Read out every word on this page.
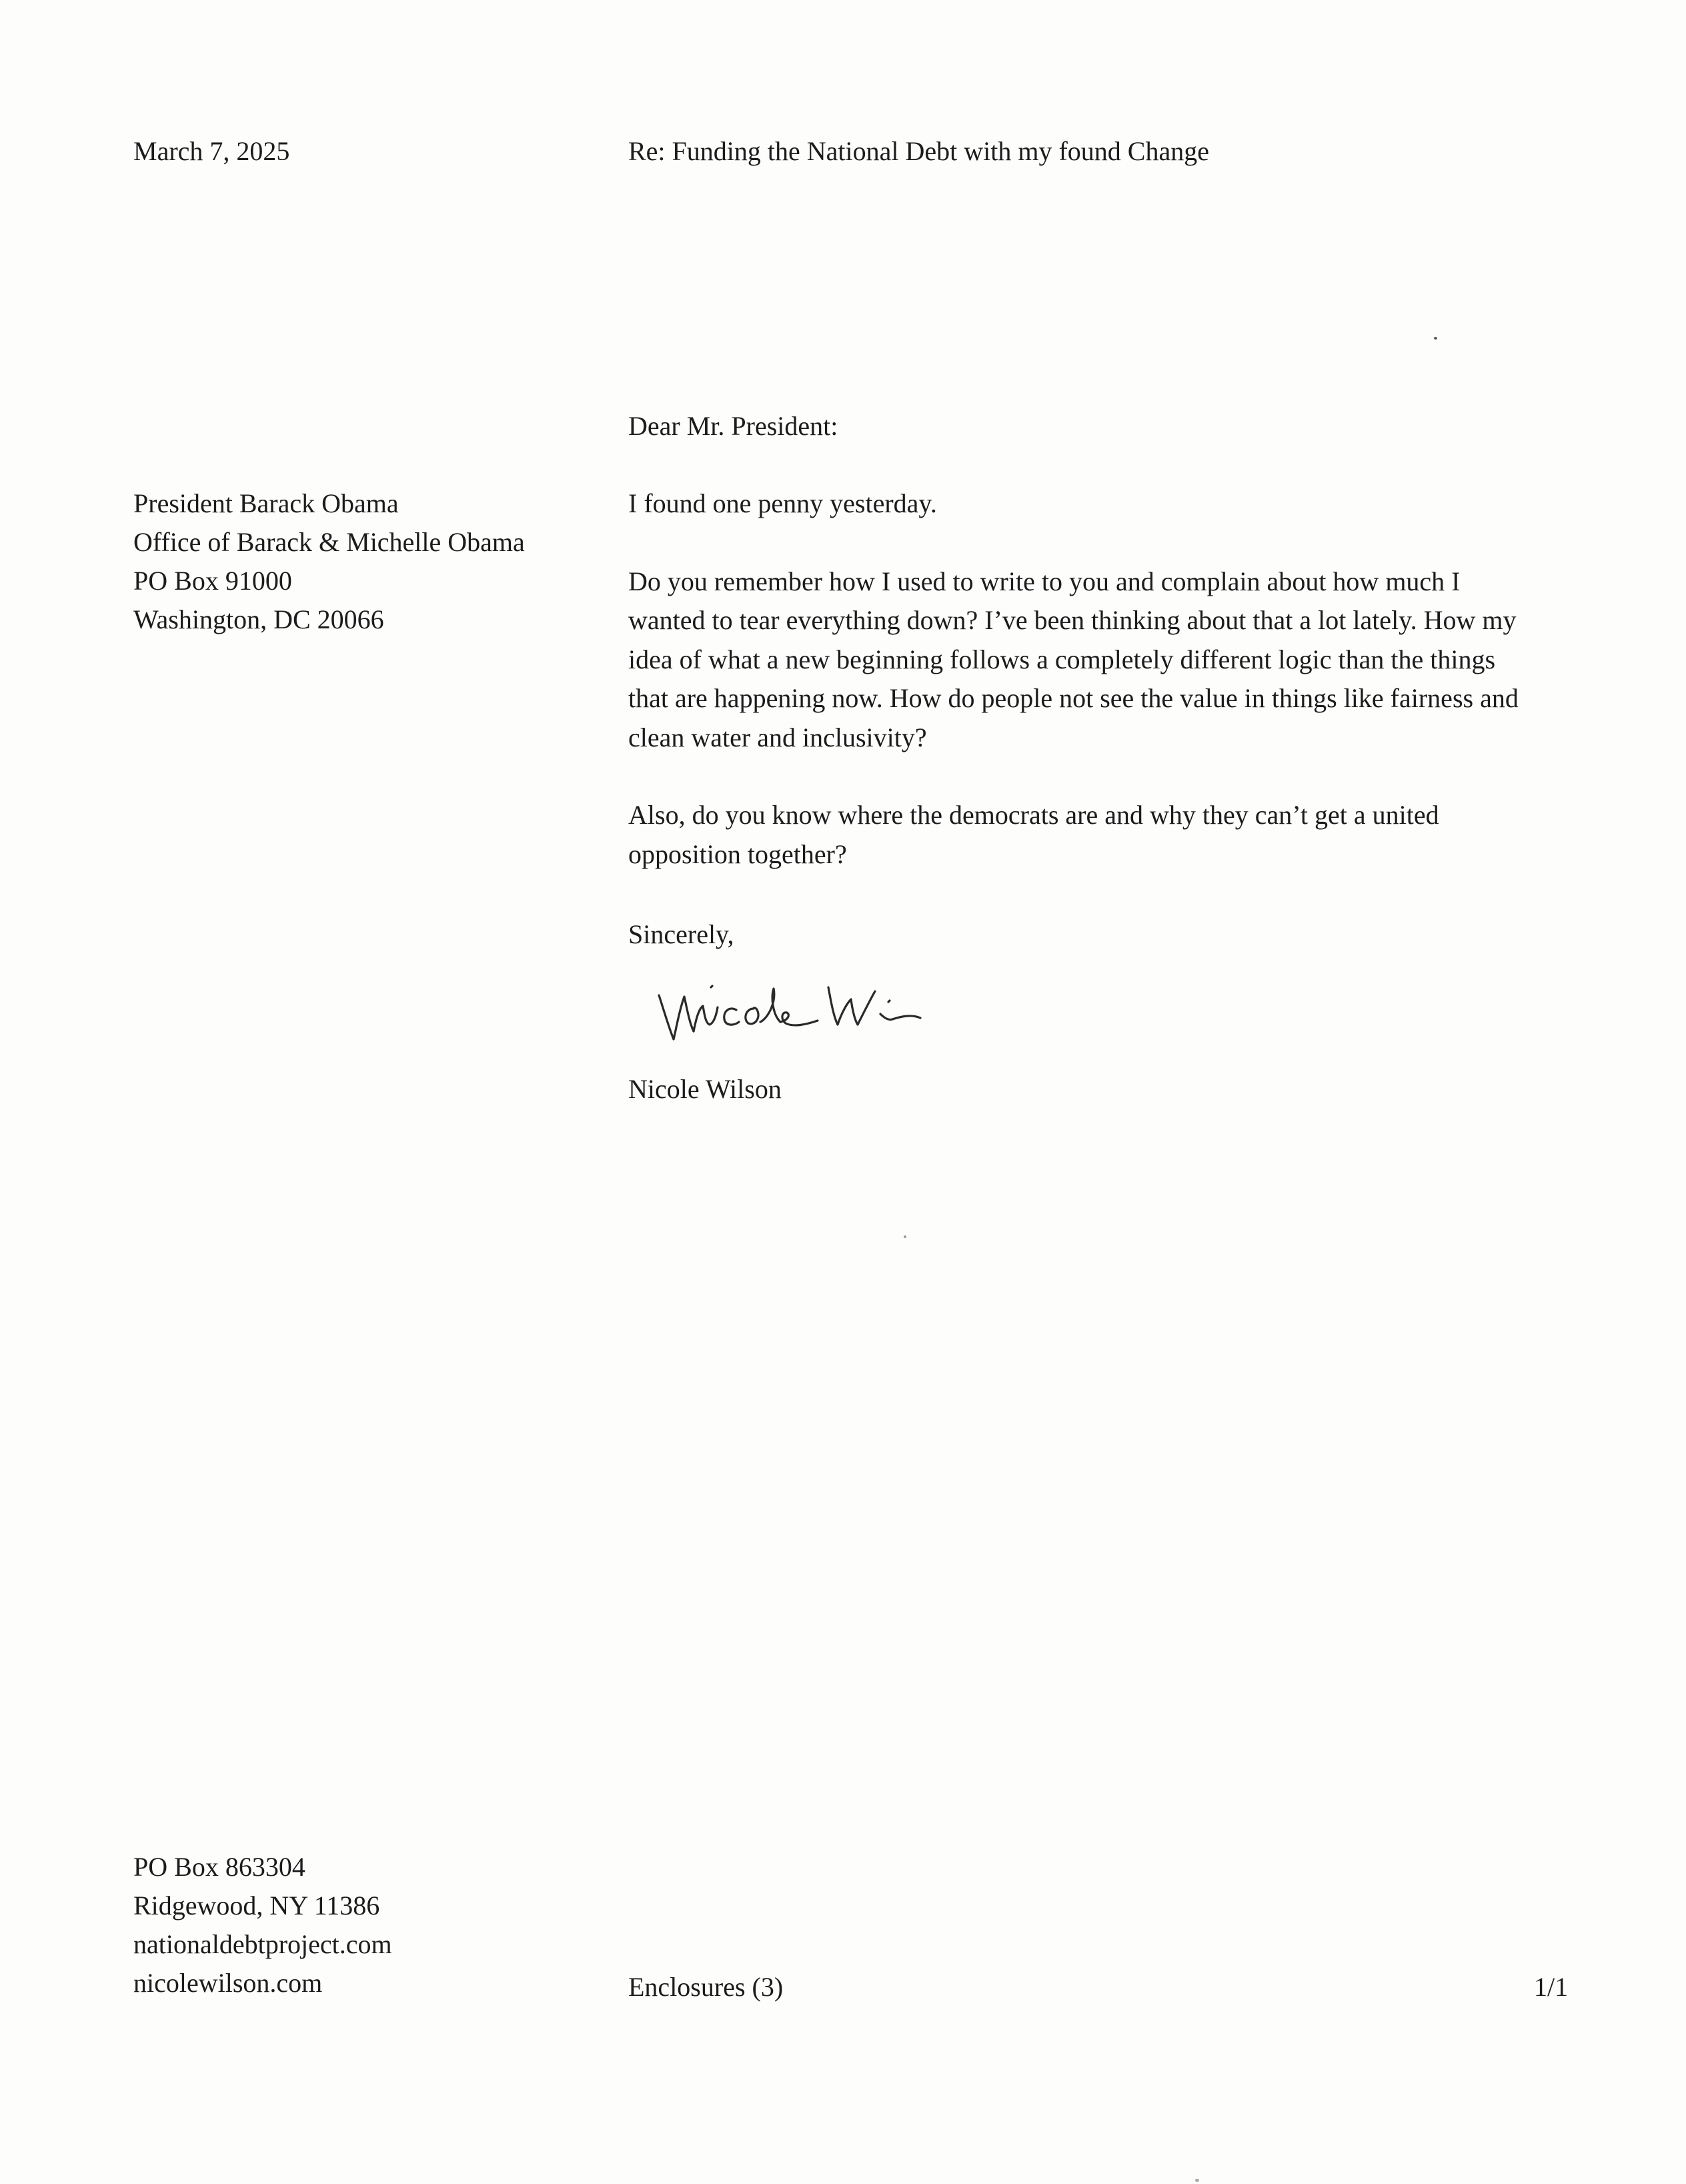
March 7, 2025	Re: Funding the National Debt with my found Change

Dear Mr. President:

President Barack Obama
Office of Barack & Michelle Obama
PO Box 91000
Washington, DC 20066
I found one penny yesterday.
Do you remember how I used to write to you and complain about how much I
wanted to tear everything down? I’ve been thinking about that a lot lately. How my
idea of what a new beginning follows a completely different logic than the things
that are happening now. How do people not see the value in things like fairness and
clean water and inclusivity?
Also, do you know where the democrats are and why they can’t get a united
opposition together?

Sincerely,

Nicole Wilson

PO Box 863304
Ridgewood, NY 11386
nationaldebtproject.com
nicolewilson.com	Enclosures (3)	1/1
